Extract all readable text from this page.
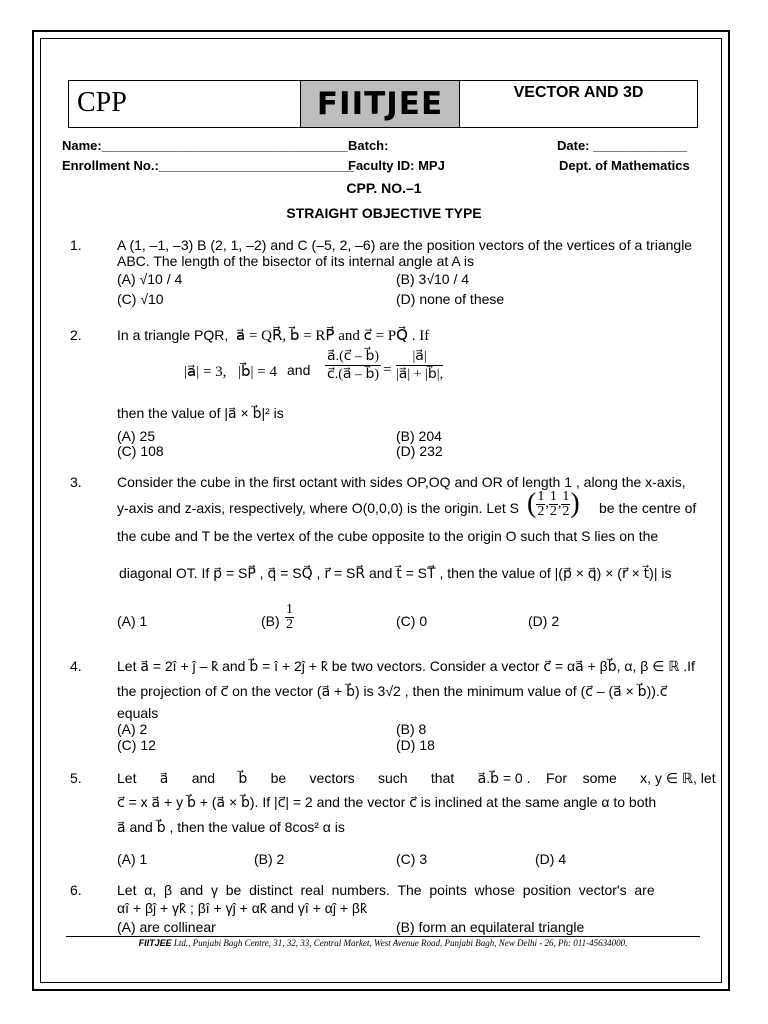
CPP	FIITJEE	VECTOR AND 3D
Name:__________________________________ Batch:	Date: _____________
Enrollment No.:___________________________
Faculty ID: MPJ	Dept. of Mathematics
CPP. NO.–1
STRAIGHT OBJECTIVE TYPE
1.	A (1, –1, –3) B (2, 1, –2) and C (–5, 2, –6) are the position vectors of the vertices of a triangle ABC. The length of the bisector of its internal angle at A is
(A) √10 / 4	(B) 3√10 / 4
(C) √10	(D) none of these
2.	In a triangle PQR, a⃗ = QR⃗, b⃗ = RP⃗ and c⃗ = PQ⃗ . If
|a⃗| = 3, |b⃗| = 4 and $\frac{a⃗.(c⃗ - b⃗)}{c⃗.(a⃗ - b⃗)} = \frac{|a⃗|}{|a⃗| + |b⃗|,}$
then the value of |a⃗ × b⃗|² is
(A) 25	(B) 204
(C) 108	(D) 232
3.	Consider the cube in the first octant with sides OP,OQ and OR of length 1 , along the x-axis,
y-axis and z-axis, respectively, where O(0,0,0) is the origin. Let S ( $\frac{1}{2}$ , $\frac{1}{2}$ , $\frac{1}{2}$ ) be the centre of
the cube and T be the vertex of the cube opposite to the origin O such that S lies on the
diagonal OT. If p⃗ = SP⃗ , q⃗ = SQ⃗ , r⃗ = SR⃗ and t⃗ = ST⃗ , then the value of |(p⃗ × q⃗) × (r⃗ × t⃗)| is
(A) 1	$(B) \frac{1}{2}$	(C) 0	(D) 2
4.	Let a⃗ = 2î + ĵ – k̂ and b⃗ = î + 2ĵ + k̂ be two vectors. Consider a vector c⃗ = αa⃗ + βb⃗, α, β ∈ ℝ .If
the projection of c⃗ on the vector (a⃗ + b⃗) is 3√2 , then the minimum value of (c⃗ – (a⃗ × b⃗)).c⃗
equals
(A) 2	(B) 8
(C) 12	(D) 18
5.	Let      a⃗      and      b⃗      be      vectors      such      that      a⃗.b⃗ = 0 .    For    some      x, y ∈ ℝ, let
c⃗ = x a⃗ + y b⃗ + (a⃗ × b⃗). If |c⃗| = 2 and the vector c⃗ is inclined at the same angle α to both
a⃗ and b⃗ , then the value of 8cos² α is
(A) 1	(B) 2	(C) 3	(D) 4
6.	Let  α,  β  and  γ  be  distinct  real  numbers.  The  points  whose  position  vector's  are
αî + βĵ + γk̂ ; βî + γĵ + αk̂ and γî + αĵ + βk̂
(A) are collinear	(B) form an equilateral triangle
FIITJEE Ltd., Punjabi Bagh Centre, 31, 32, 33, Central Market, West Avenue Road, Punjabi Bagh, New Delhi - 26, Ph: 011-45634000.
